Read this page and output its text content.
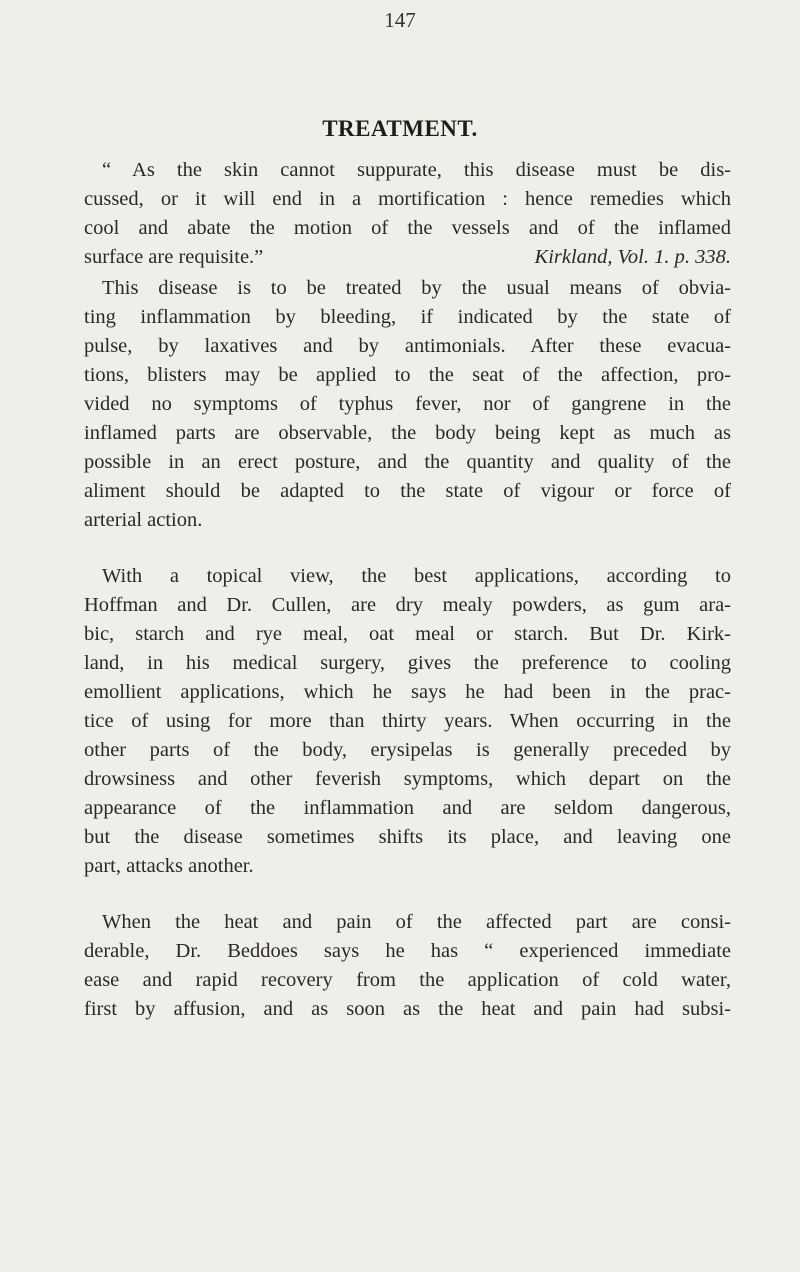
147
TREATMENT.
“ As the skin cannot suppurate, this disease must be dis-
cussed, or it will end in a mortification : hence remedies which
cool and abate the motion of the vessels and of the inflamed
surface are requisite.”	Kirkland, Vol. 1. p. 338.
This disease is to be treated by the usual means of obvia-
ting inflammation by bleeding, if indicated by the state of
pulse, by laxatives and by antimonials. After these evacua-
tions, blisters may be applied to the seat of the affection, pro-
vided no symptoms of typhus fever, nor of gangrene in the
inflamed parts are observable, the body being kept as much as
possible in an erect posture, and the quantity and quality of the
aliment should be adapted to the state of vigour or force of
arterial action.
With a topical view, the best applications, according to
Hoffman and Dr. Cullen, are dry mealy powders, as gum ara-
bic, starch and rye meal, oat meal or starch. But Dr. Kirk-
land, in his medical surgery, gives the preference to cooling
emollient applications, which he says he had been in the prac-
tice of using for more than thirty years. When occurring in the
other parts of the body, erysipelas is generally preceded by
drowsiness and other feverish symptoms, which depart on the
appearance of the inflammation and are seldom dangerous,
but the disease sometimes shifts its place, and leaving one
part, attacks another.
When the heat and pain of the affected part are consi-
derable, Dr. Beddoes says he has “ experienced immediate
ease and rapid recovery from the application of cold water,
first by affusion, and as soon as the heat and pain had subsi-
